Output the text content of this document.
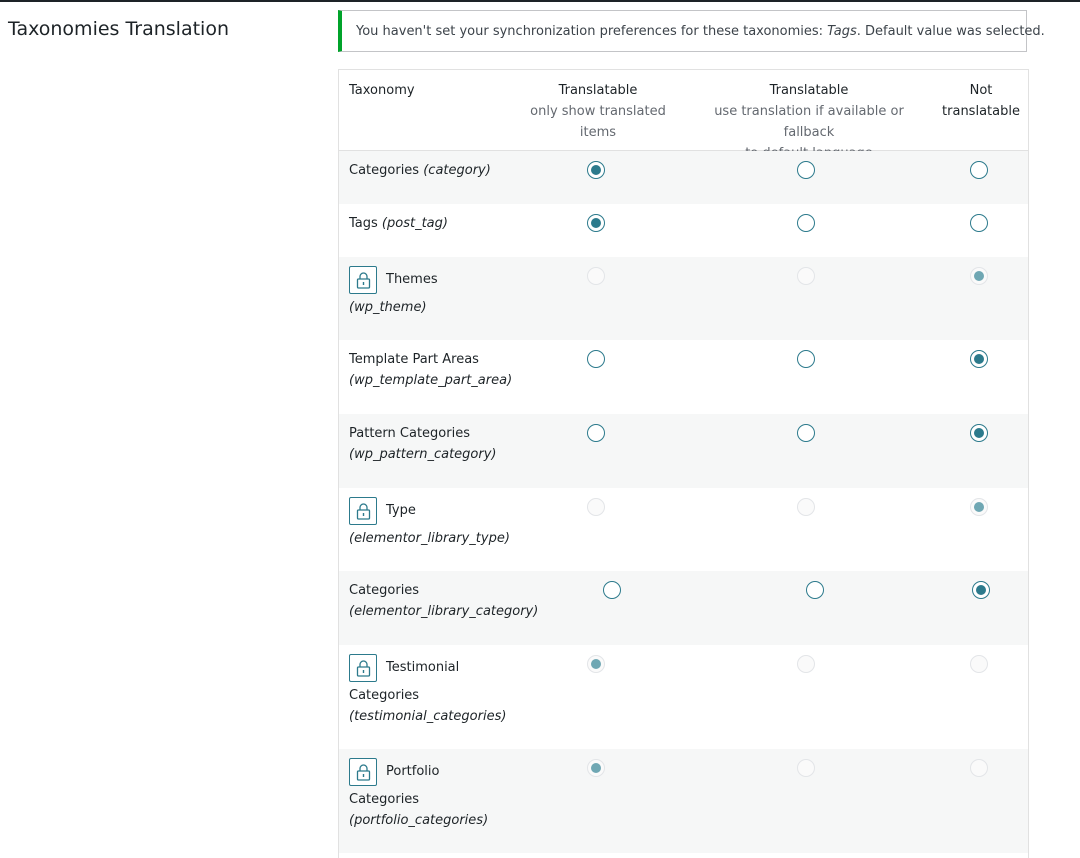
Taxonomies Translation	You haven't set your synchronization preferences for these taxonomies: Tags. Default value was selected.
Taxonomy	Translatable
only show translated
items
Translatable
use translation if available or fallback
Not
translatable
Categories (category)
Tags (post_tag)
Themes
(wp_theme)
Template Part Areas
(wp_template_part_area)
Pattern Categories
(wp_pattern_category)
Type
(elementor_library_type)
Categories
(elementor_library_category)
Testimonial
Categories
(testimonial_categories)
Portfolio
Categories
(portfolio_categories)
